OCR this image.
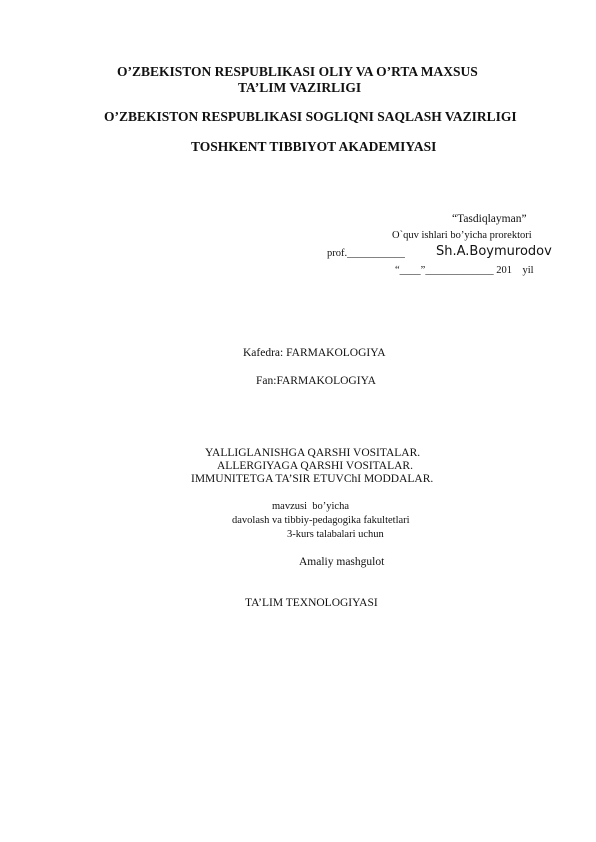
O’ZBEKISTON RESPUBLIKASI OLIY VA O’RTA MAXSUS
TA’LIM VAZIRLIGI
O’ZBEKISTON RESPUBLIKASI SOGLIQNI SAQLASH VAZIRLIGI
TOSHKENT TIBBIYOT AKADEMIYASI
“Tasdiqlayman”
O`quv ishlari bo’yicha prorektori
prof.___________ Sh.A.Boymurodov
“____”_____________ 201    yil
Kafedra: FARMAKOLOGIYA
Fan:FARMAKOLOGIYA
YALLIGLANISHGA QARSHI VOSITALAR.
ALLERGIYAGA QARSHI VOSITALAR.
IMMUNITETGA TA’SIR ETUVChI MODDALAR.
mavzusi  bo’yicha
davolash va tibbiy-pedagogika fakultetlari
3-kurs talabalari uchun
Amaliy mashgulot
TA’LIM TEXNOLOGIYASI
